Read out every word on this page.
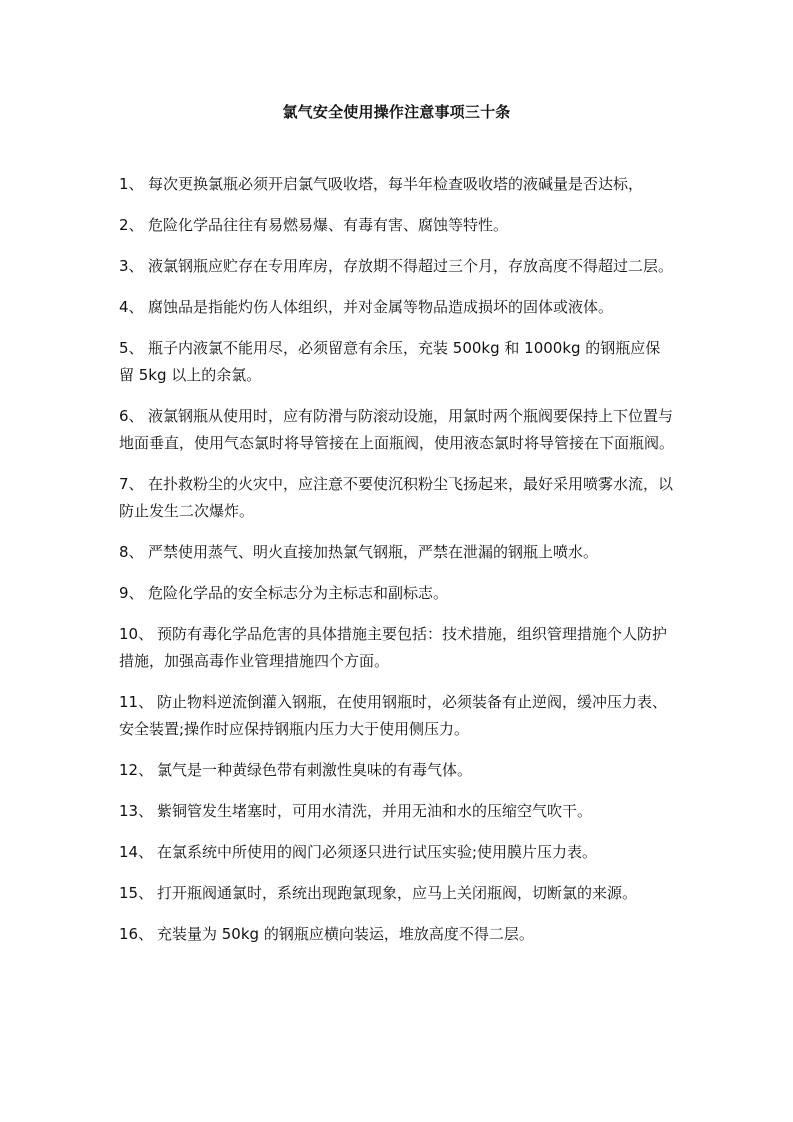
氯气安全使用操作注意事项三十条
1、 每次更换氯瓶必须开启氯气吸收塔，每半年检查吸收塔的液碱量是否达标，
2、 危险化学品往往有易燃易爆、有毒有害、腐蚀等特性。
3、 液氯钢瓶应贮存在专用库房，存放期不得超过三个月，存放高度不得超过二层。
4、 腐蚀品是指能灼伤人体组织，并对金属等物品造成损坏的固体或液体。
5、 瓶子内液氯不能用尽，必须留意有余压，充装 500kg 和 1000kg 的钢瓶应保留 5kg 以上的余氯。
6、 液氯钢瓶从使用时，应有防滑与防滚动设施，用氯时两个瓶阀要保持上下位置与地面垂直，使用气态氯时将导管接在上面瓶阀，使用液态氯时将导管接在下面瓶阀。
7、 在扑救粉尘的火灾中，应注意不要使沉积粉尘飞扬起来，最好采用喷雾水流，以防止发生二次爆炸。
8、 严禁使用蒸气、明火直接加热氯气钢瓶，严禁在泄漏的钢瓶上喷水。
9、 危险化学品的安全标志分为主标志和副标志。
10、 预防有毒化学品危害的具体措施主要包括：技术措施，组织管理措施个人防护措施，加强高毒作业管理措施四个方面。
11、 防止物料逆流倒灌入钢瓶，在使用钢瓶时，必须装备有止逆阀，缓冲压力表、安全装置;操作时应保持钢瓶内压力大于使用侧压力。
12、 氯气是一种黄绿色带有刺激性臭味的有毒气体。
13、 紫铜管发生堵塞时，可用水清洗，并用无油和水的压缩空气吹干。
14、 在氯系统中所使用的阀门必须逐只进行试压实验;使用膜片压力表。
15、 打开瓶阀通氯时，系统出现跑氯现象，应马上关闭瓶阀，切断氯的来源。
16、 充装量为 50kg 的钢瓶应横向装运，堆放高度不得二层。
